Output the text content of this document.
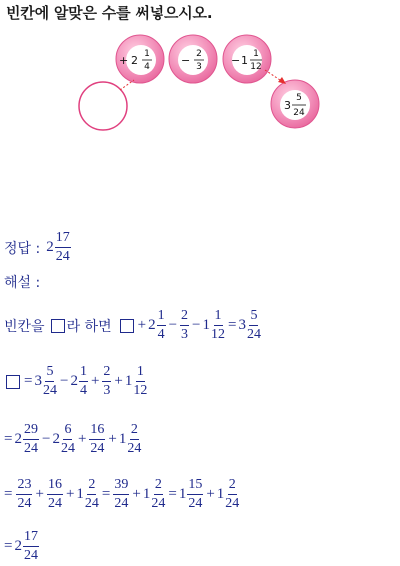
빈칸에 알맞은 수를 써넣으시오.
+ 2 1
4	− 2
3	− 1 1
12
3
5
24
정답 : 2
17
24
해설 :
빈칸을 라 하면 + 2
1
4
− $\frac{2}{3} - 1 \frac{1}{12} = 3$
5
24
= 3
5
24
− 2
1
4
+ $\frac{2}{3} + 1$
1
12
= 2
29
24
− 2
6
24
+ $\frac{16}{24} + 1$
2
24
= $\frac{23}{24} + \frac{16}{24} + 1 \frac{2}{24} = \frac{39}{24} + 1 \frac{2}{24} = 1$
15
24
+ 1
2
24
= 2
17
24
